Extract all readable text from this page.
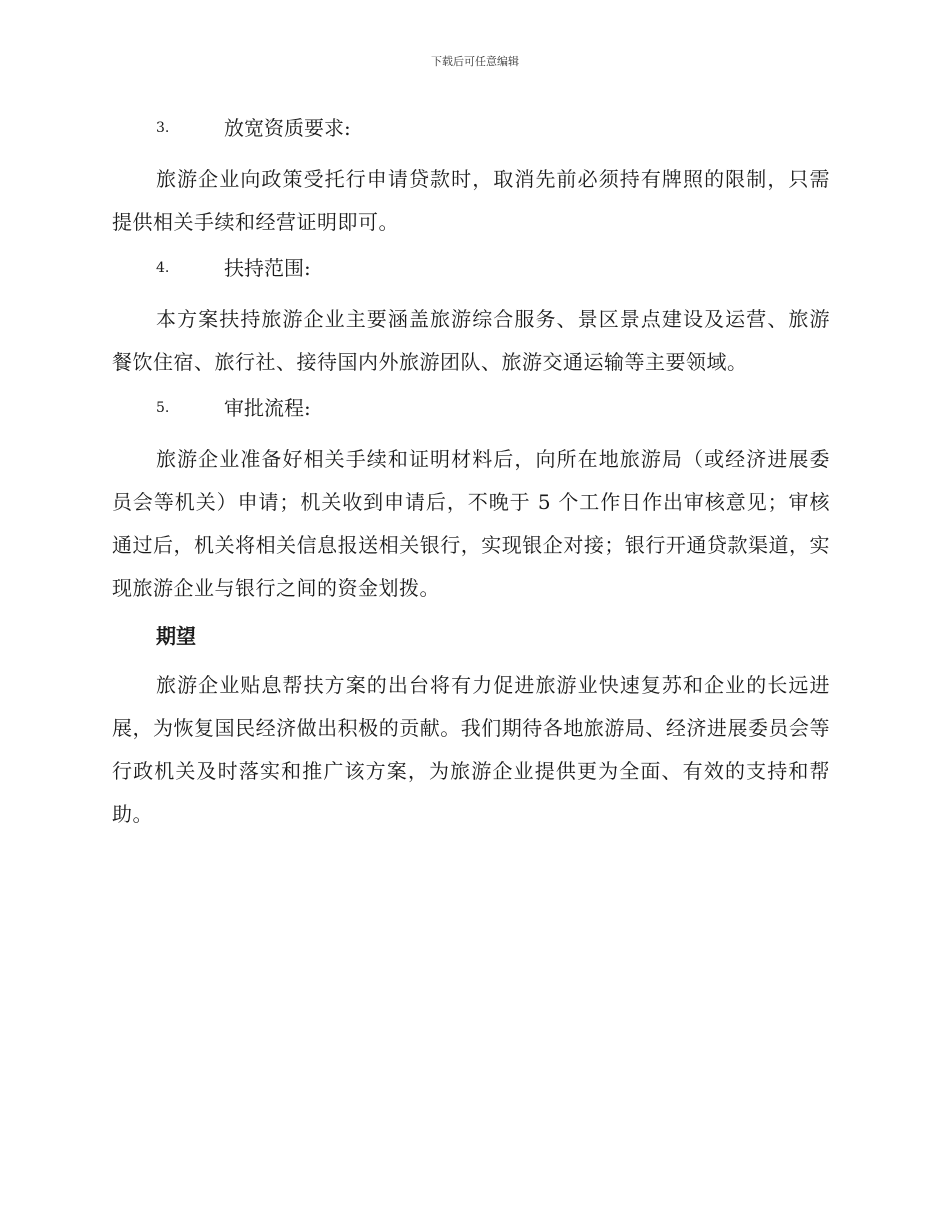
下载后可任意编辑
3.	放宽资质要求:

旅游企业向政策受托行申请贷款时，取消先前必须持有牌照的限制，只需提供相关手续和经营证明即可。

4.	扶持范围:

本方案扶持旅游企业主要涵盖旅游综合服务、景区景点建设及运营、旅游餐饮住宿、旅行社、接待国内外旅游团队、旅游交通运输等主要领域。

5.	审批流程:

旅游企业准备好相关手续和证明材料后，向所在地旅游局（或经济进展委员会等机关）申请；机关收到申请后，不晚于 5 个工作日作出审核意见；审核通过后，机关将相关信息报送相关银行，实现银企对接；银行开通贷款渠道，实现旅游企业与银行之间的资金划拨。

期望

旅游企业贴息帮扶方案的出台将有力促进旅游业快速复苏和企业的长远进展，为恢复国民经济做出积极的贡献。我们期待各地旅游局、经济进展委员会等行政机关及时落实和推广该方案，为旅游企业提供更为全面、有效的支持和帮助。
